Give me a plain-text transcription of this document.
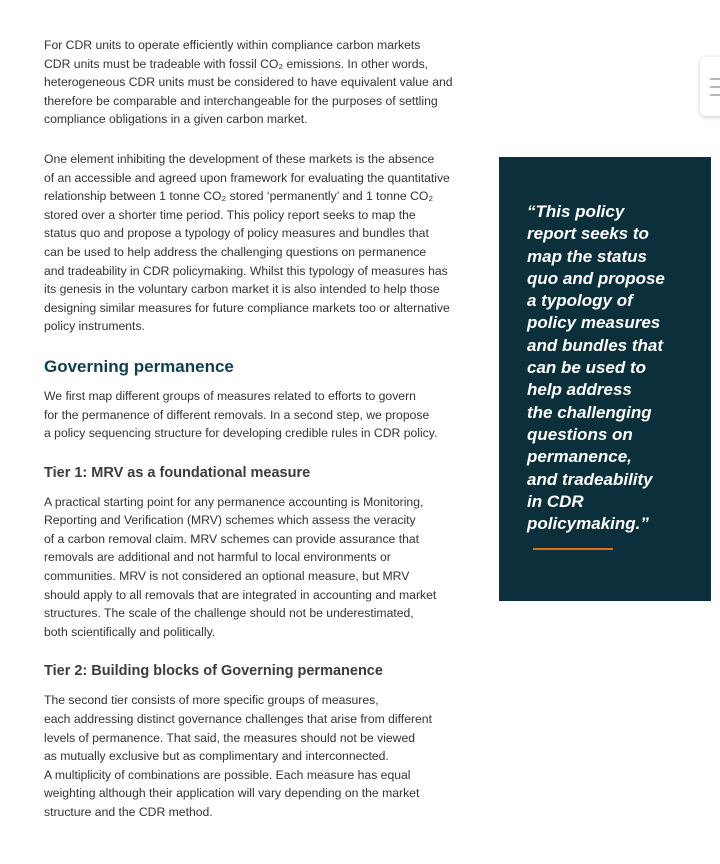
For CDR units to operate efficiently within compliance carbon markets
CDR units must be tradeable with fossil CO₂ emissions. In other words,
heterogeneous CDR units must be considered to have equivalent value and
therefore be comparable and interchangeable for the purposes of settling
compliance obligations in a given carbon market.

One element inhibiting the development of these markets is the absence
of an accessible and agreed upon framework for evaluating the quantitative
relationship between 1 tonne CO₂ stored ‘permanently’ and 1 tonne CO₂
stored over a shorter time period. This policy report seeks to map the
status quo and propose a typology of policy measures and bundles that
can be used to help address the challenging questions on permanence
and tradeability in CDR policymaking. Whilst this typology of measures has
its genesis in the voluntary carbon market it is also intended to help those
designing similar measures for future compliance markets too or alternative
policy instruments.

Governing permanence

We first map different groups of measures related to efforts to govern
for the permanence of different removals. In a second step, we propose
a policy sequencing structure for developing credible rules in CDR policy.

Tier 1: MRV as a foundational measure

A practical starting point for any permanence accounting is Monitoring,
Reporting and Verification (MRV) schemes which assess the veracity
of a carbon removal claim. MRV schemes can provide assurance that
removals are additional and not harmful to local environments or
communities. MRV is not considered an optional measure, but MRV
should apply to all removals that are integrated in accounting and market
structures. The scale of the challenge should not be underestimated,
both scientifically and politically.

Tier 2: Building blocks of Governing permanence

The second tier consists of more specific groups of measures,
each addressing distinct governance challenges that arise from different
levels of permanence. That said, the measures should not be viewed
as mutually exclusive but as complimentary and interconnected.
A multiplicity of combinations are possible. Each measure has equal
weighting although their application will vary depending on the market
structure and the CDR method.

“This policy
report seeks to
map the status
quo and propose
a typology of
policy measures
and bundles that
can be used to
help address
the challenging
questions on
permanence,
and tradeability
in CDR
policymaking.”
